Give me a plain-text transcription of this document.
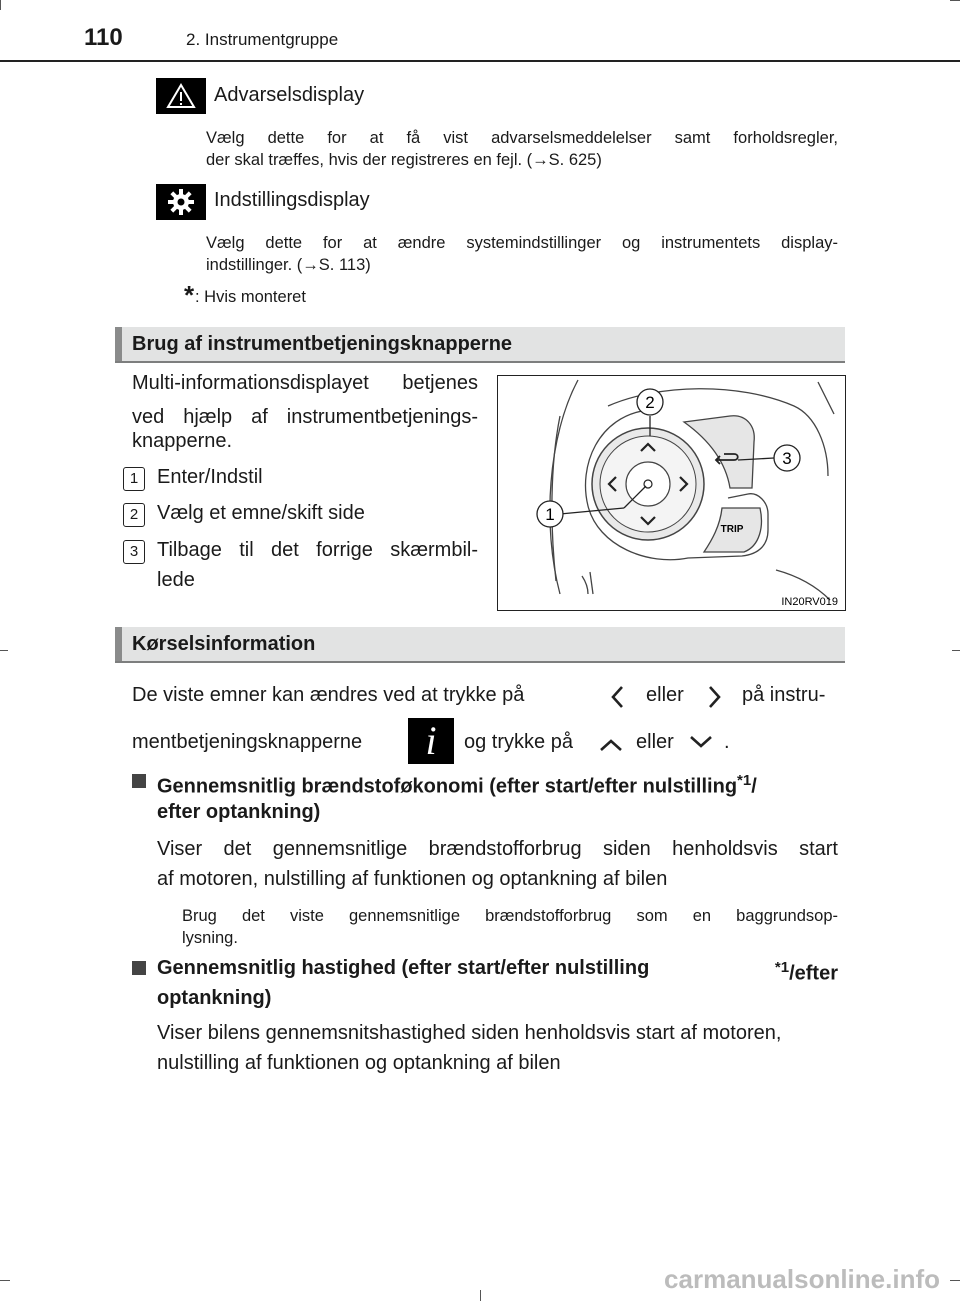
110	2. Instrumentgruppe
Advarselsdisplay
Vælg dette for at få vist advarselsmeddelelser samt forholdsregler,
der skal træffes, hvis der registreres en fejl. (→S. 625)
Indstillingsdisplay
Vælg dette for at ændre systemindstillinger og instrumentets display-
indstillinger. (→S. 113)
* : Hvis monteret
Brug af instrumentbetjeningsknapperne
Multi-informationsdisplayet betjenes
ved hjælp af instrumentbetjenings-
knapperne.
1 Enter/Indstil
2 Vælg et emne/skift side
3 Tilbage til det forrige skærmbil-
lede
2
3
1
TRIP
IN20RV019
Kørselsinformation
De viste emner kan ændres ved at trykke på	eller	på instru-
mentbetjeningsknapperne	i	og trykke på	eller	.
Gennemsnitlig brændstoføkonomi (efter start/efter nulstilling$^{*1}$/
efter optankning)
Viser det gennemsnitlige brændstofforbrug siden henholdsvis start
af motoren, nulstilling af funktionen og optankning af bilen
Brug det viste gennemsnitlige brændstofforbrug som en baggrundsop-
lysning.
Gennemsnitlig hastighed (efter start/efter nulstilling	$^{*1}$/efter
optankning)
Viser bilens gennemsnitshastighed siden henholdsvis start af motoren,
nulstilling af funktionen og optankning af bilen
carmanualsonline.info
